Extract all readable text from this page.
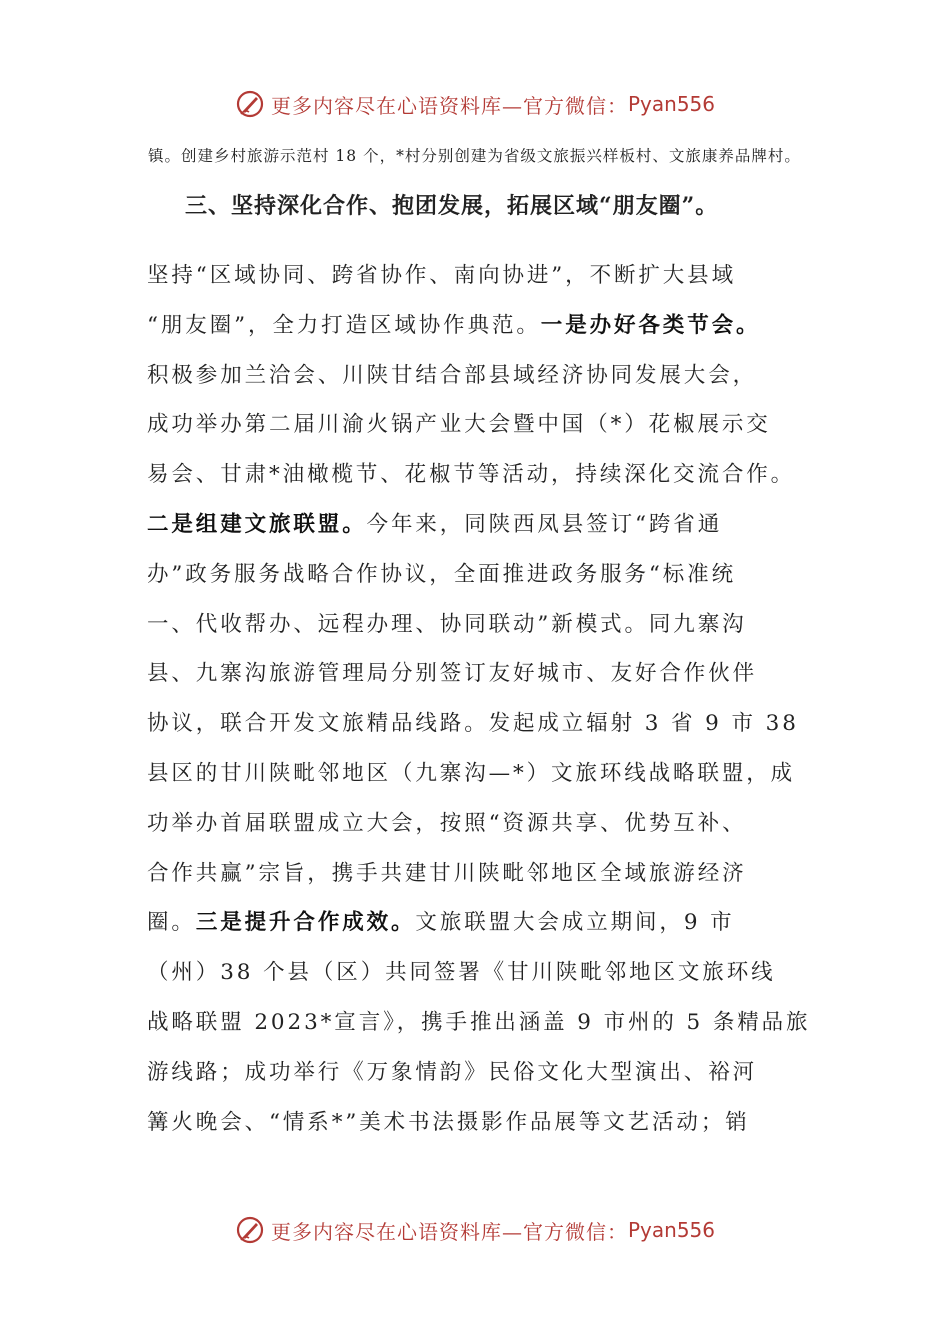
更多内容尽在心语资料库—官方微信： Pyan556

镇。创建乡村旅游示范村 18 个，*村分别创建为省级文旅振兴样板村、文旅康养品牌村。

三、坚持深化合作、抱团发展，拓展区域“朋友圈”。
坚持“区域协同、跨省协作、南向协进”，不断扩大县域
“朋友圈”，全力打造区域协作典范。一是办好各类节会。
积极参加兰洽会、川陕甘结合部县域经济协同发展大会，
成功举办第二届川渝火锅产业大会暨中国（*）花椒展示交
易会、甘肃*油橄榄节、花椒节等活动，持续深化交流合作。
二是组建文旅联盟。今年来，同陕西凤县签订“跨省通
办”政务服务战略合作协议，全面推进政务服务“标准统
一、代收帮办、远程办理、协同联动”新模式。同九寨沟
县、九寨沟旅游管理局分别签订友好城市、友好合作伙伴
协议，联合开发文旅精品线路。发起成立辐射 3 省 9 市 38
县区的甘川陕毗邻地区（九寨沟—*）文旅环线战略联盟，成
功举办首届联盟成立大会，按照“资源共享、优势互补、
合作共赢”宗旨，携手共建甘川陕毗邻地区全域旅游经济
圈。三是提升合作成效。文旅联盟大会成立期间，9 市
（州）38 个县（区）共同签署《甘川陕毗邻地区文旅环线
战略联盟 2023*宣言》，携手推出涵盖 9 市州的 5 条精品旅
游线路；成功举行《万象情韵》民俗文化大型演出、裕河
篝火晚会、“情系*”美术书法摄影作品展等文艺活动；销
更多内容尽在心语资料库—官方微信： Pyan556
